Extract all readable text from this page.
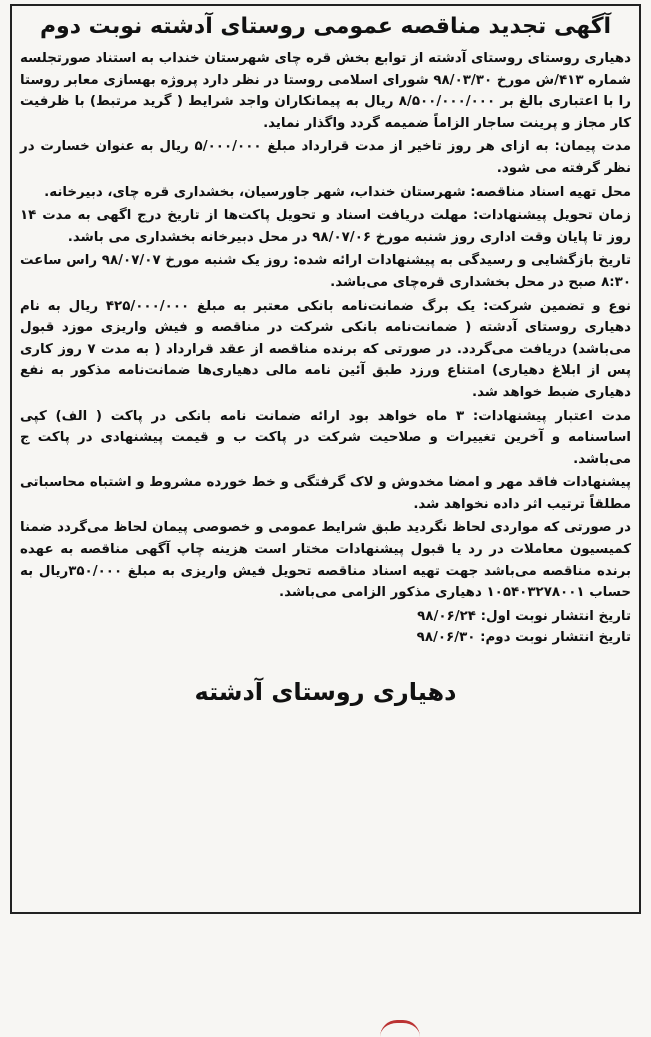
آگهی تجدید مناقصه عمومی روستای آدشته نوبت دوم

دهیاری روستای روستای آدشته از توابع بخش قره چای شهرستان خنداب به استناد صورتجلسه شماره ۴۱۳/ش مورخ ۹۸/۰۳/۳۰ شورای اسلامی روستا در نظر دارد پروژه بهسازی معابر روستا را با اعتباری بالغ بر ۸/۵۰۰/۰۰۰/۰۰۰ ریال به پیمانکاران واجد شرایط ( گرید مرتبط) با ظرفیت کار مجاز و پرینت ساجار الزاماً ضمیمه گردد واگذار نماید.

مدت پیمان: به ازای هر روز تاخیر از مدت قرارداد مبلغ ۵/۰۰۰/۰۰۰ ریال به عنوان خسارت در نظر گرفته می شود.

محل تهیه اسناد مناقصه: شهرستان خنداب، شهر جاورسیان، بخشداری قره چای، دبیرخانه.

زمان تحویل پیشنهادات: مهلت دریافت اسناد و تحویل پاکت‌ها از تاریخ درج اگهی به مدت ۱۴ روز تا پایان وقت اداری روز شنبه مورخ ۹۸/۰۷/۰۶ در محل دبیرخانه بخشداری می باشد.

تاریخ بازگشایی و رسیدگی به پیشنهادات ارائه شده: روز یک شنبه مورخ ۹۸/۰۷/۰۷ راس ساعت ۸:۳۰ صبح در محل بخشداری قره‌چای می‌باشد.

نوع و تضمین شرکت: یک برگ ضمانت‌نامه بانکی معتبر به مبلغ ۴۲۵/۰۰۰/۰۰۰ ریال به نام دهیاری روستای آدشته ( ضمانت‌نامه بانکی شرکت در مناقصه و فیش واریزی موزد قبول می‌باشد) دریافت می‌گردد. در صورتی که برنده مناقصه از عقد قرارداد ( به مدت ۷ روز کاری پس از ابلاغ دهیاری) امتناع ورزد طبق آئین نامه مالی دهیاری‌ها ضمانت‌نامه مذکور به نفع دهیاری ضبط خواهد شد.

مدت اعتبار پیشنهادات: ۳ ماه خواهد بود ارائه ضمانت نامه بانکی در پاکت ( الف) کپی اساسنامه و آخرین تغییرات و صلاحیت شرکت در پاکت ب و قیمت پیشنهادی در پاکت ج می‌باشد.

پیشنهادات فاقد مهر و امضا مخدوش و لاک گرفتگی و خط خورده مشروط و اشتباه محاسباتی مطلقاً ترتیب اثر داده نخواهد شد.

در صورتی که مواردی لحاظ نگردید طبق شرایط عمومی و خصوصی پیمان لحاظ می‌گردد ضمنا کمیسیون معاملات در رد یا قبول پیشنهادات مختار است هزینه چاپ آگهی مناقصه به عهده برنده مناقصه می‌باشد جهت تهیه اسناد مناقصه تحویل فیش واریزی به مبلغ ۳۵۰/۰۰۰ریال به حساب ۱۰۵۴۰۳۲۷۸۰۰۱ دهیاری مذکور الزامی می‌باشد.

تاریخ انتشار نوبت اول: ۹۸/۰۶/۲۴

تاریخ انتشار نوبت دوم: ۹۸/۰۶/۳۰

دهیاری روستای آدشته
